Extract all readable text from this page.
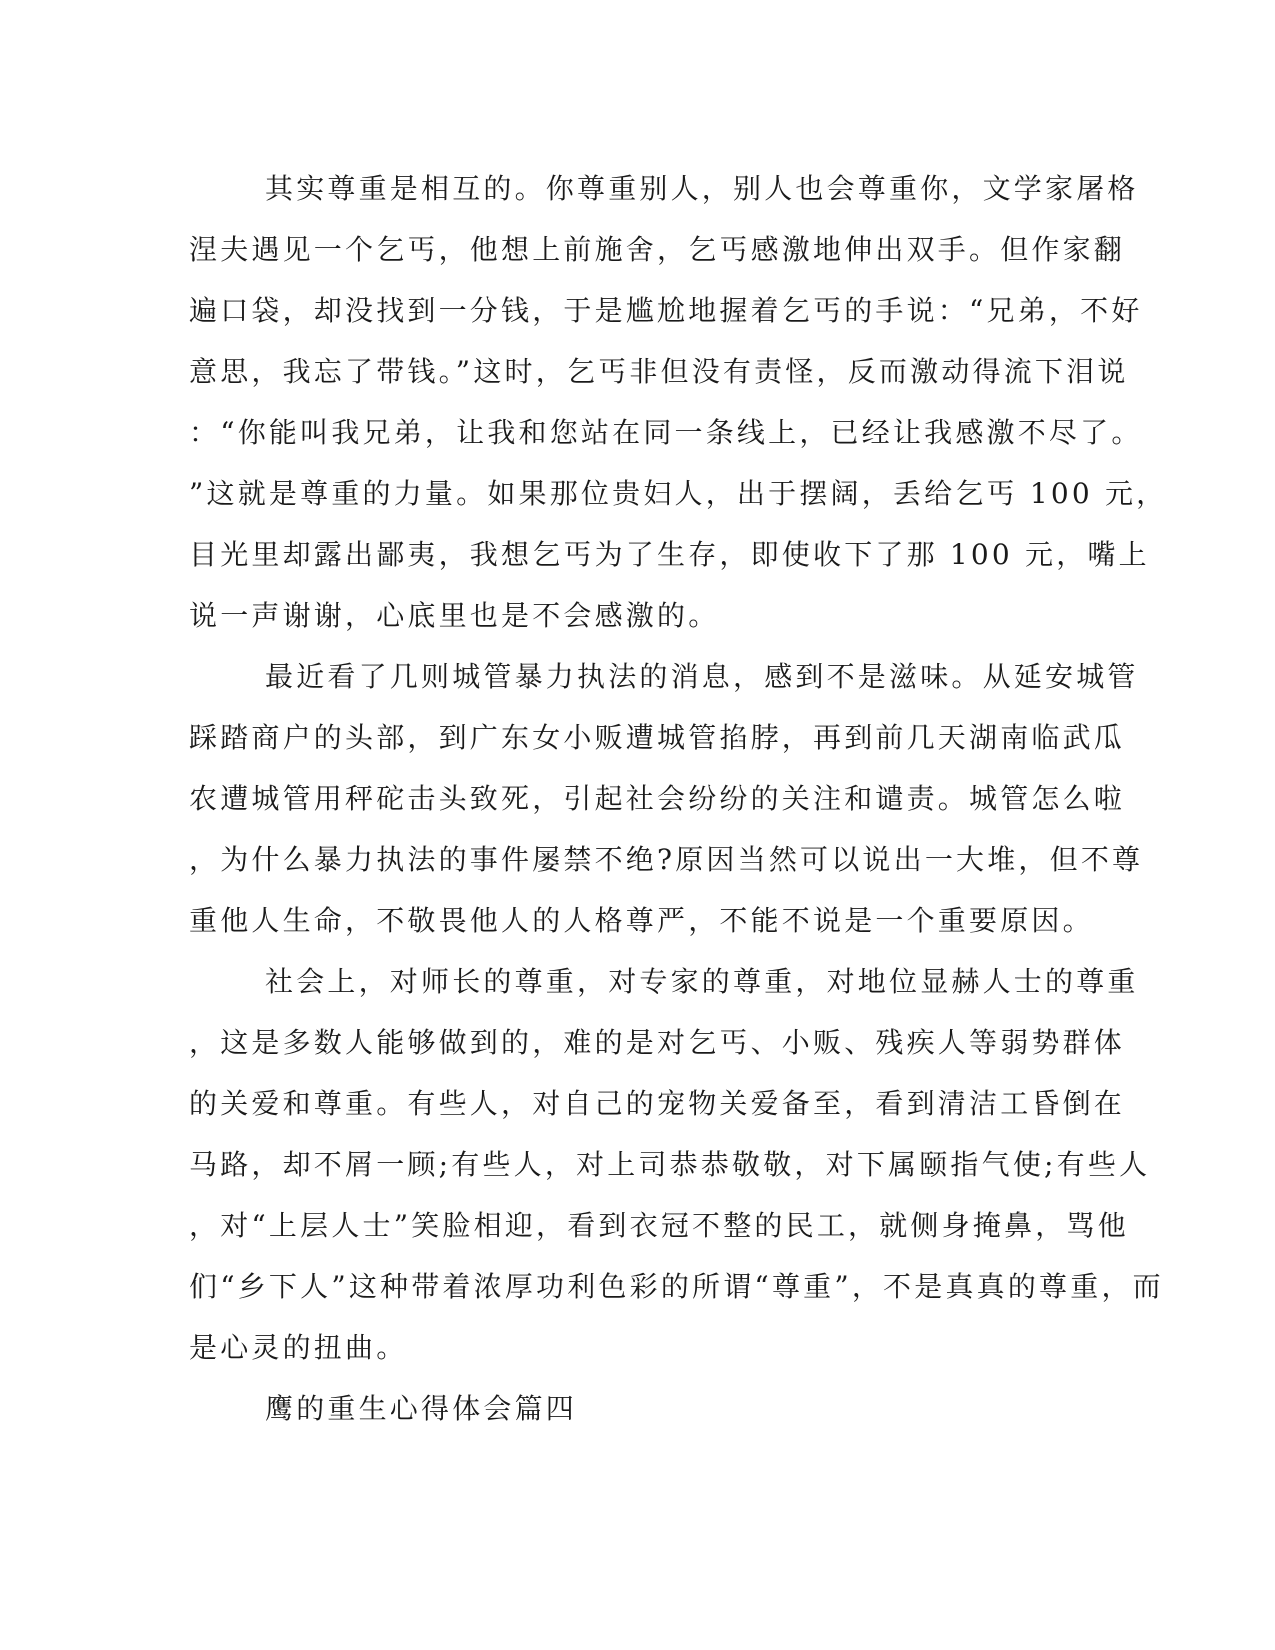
其实尊重是相互的。你尊重别人，别人也会尊重你，文学家屠格
涅夫遇见一个乞丐，他想上前施舍，乞丐感激地伸出双手。但作家翻
遍口袋，却没找到一分钱，于是尴尬地握着乞丐的手说：“兄弟，不好
意思，我忘了带钱。”这时，乞丐非但没有责怪，反而激动得流下泪说
：“你能叫我兄弟，让我和您站在同一条线上，已经让我感激不尽了。
”这就是尊重的力量。如果那位贵妇人，出于摆阔，丢给乞丐 100 元，
目光里却露出鄙夷，我想乞丐为了生存，即使收下了那 100 元，嘴上
说一声谢谢，心底里也是不会感激的。
最近看了几则城管暴力执法的消息，感到不是滋味。从延安城管
踩踏商户的头部，到广东女小贩遭城管掐脖，再到前几天湖南临武瓜
农遭城管用秤砣击头致死，引起社会纷纷的关注和谴责。城管怎么啦
，为什么暴力执法的事件屡禁不绝?原因当然可以说出一大堆，但不尊
重他人生命，不敬畏他人的人格尊严，不能不说是一个重要原因。
社会上，对师长的尊重，对专家的尊重，对地位显赫人士的尊重
，这是多数人能够做到的，难的是对乞丐、小贩、残疾人等弱势群体
的关爱和尊重。有些人，对自己的宠物关爱备至，看到清洁工昏倒在
马路，却不屑一顾;有些人，对上司恭恭敬敬，对下属颐指气使;有些人
，对“上层人士”笑脸相迎，看到衣冠不整的民工，就侧身掩鼻，骂他
们“乡下人”这种带着浓厚功利色彩的所谓“尊重”，不是真真的尊重，而
是心灵的扭曲。
鹰的重生心得体会篇四
